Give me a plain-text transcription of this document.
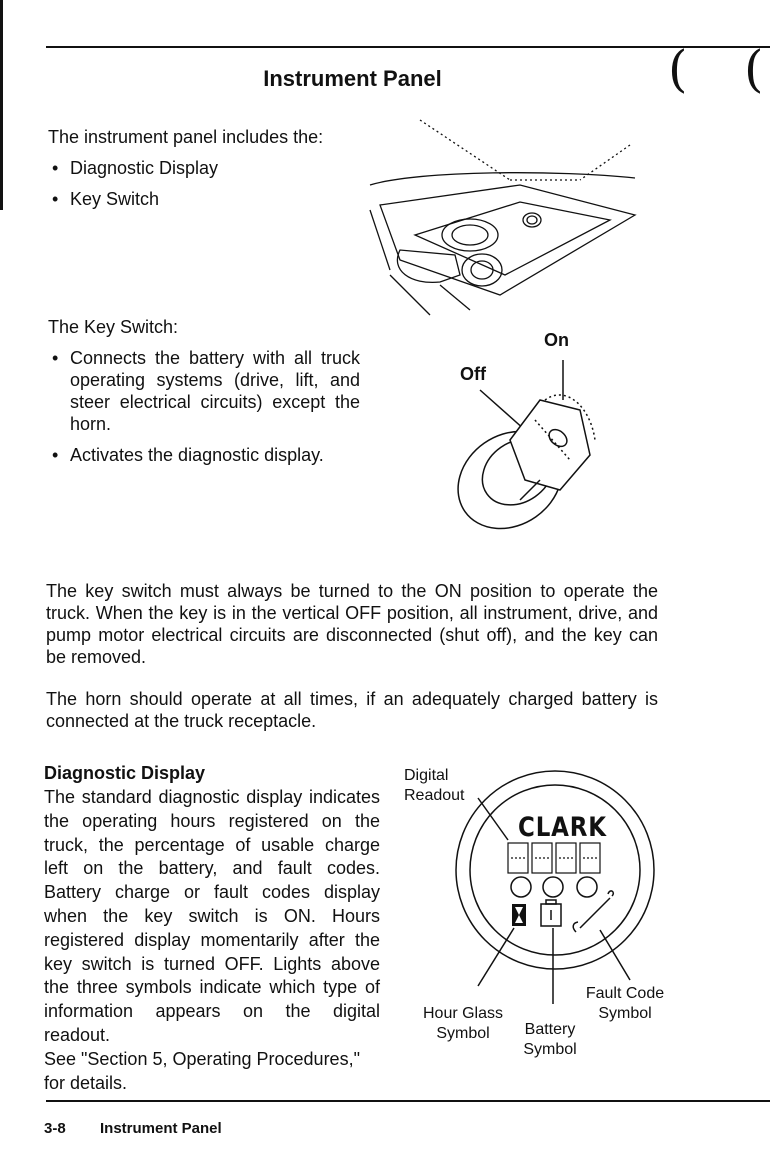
( (
Instrument Panel
The instrument panel includes the:
• Diagnostic Display
• Key Switch
The Key Switch:
• Connects the battery with all truck operating systems (drive, lift, and steer electrical circuits) except the horn.
• Activates the diagnostic display.
On
Off
The key switch must always be turned to the ON position to operate the truck. When the key is in the vertical OFF position, all instrument, drive, and pump motor electrical circuits are disconnected (shut off), and the key can be removed.
The horn should operate at all times, if an adequately charged battery is connected at the truck receptacle.
Diagnostic Display
The standard diagnostic display indicates the operating hours registered on the truck, the percentage of usable charge left on the battery, and fault codes. Battery charge or fault codes display when the key switch is ON. Hours registered display momentarily after the key switch is turned OFF. Lights above the three symbols indicate which type of information appears on the digital readout.
See "Section 5, Operating Procedures," for details.
Digital
Readout
CLARK
Hour Glass
Symbol	Battery
Symbol
Fault Code
Symbol
3-8 Instrument Panel
